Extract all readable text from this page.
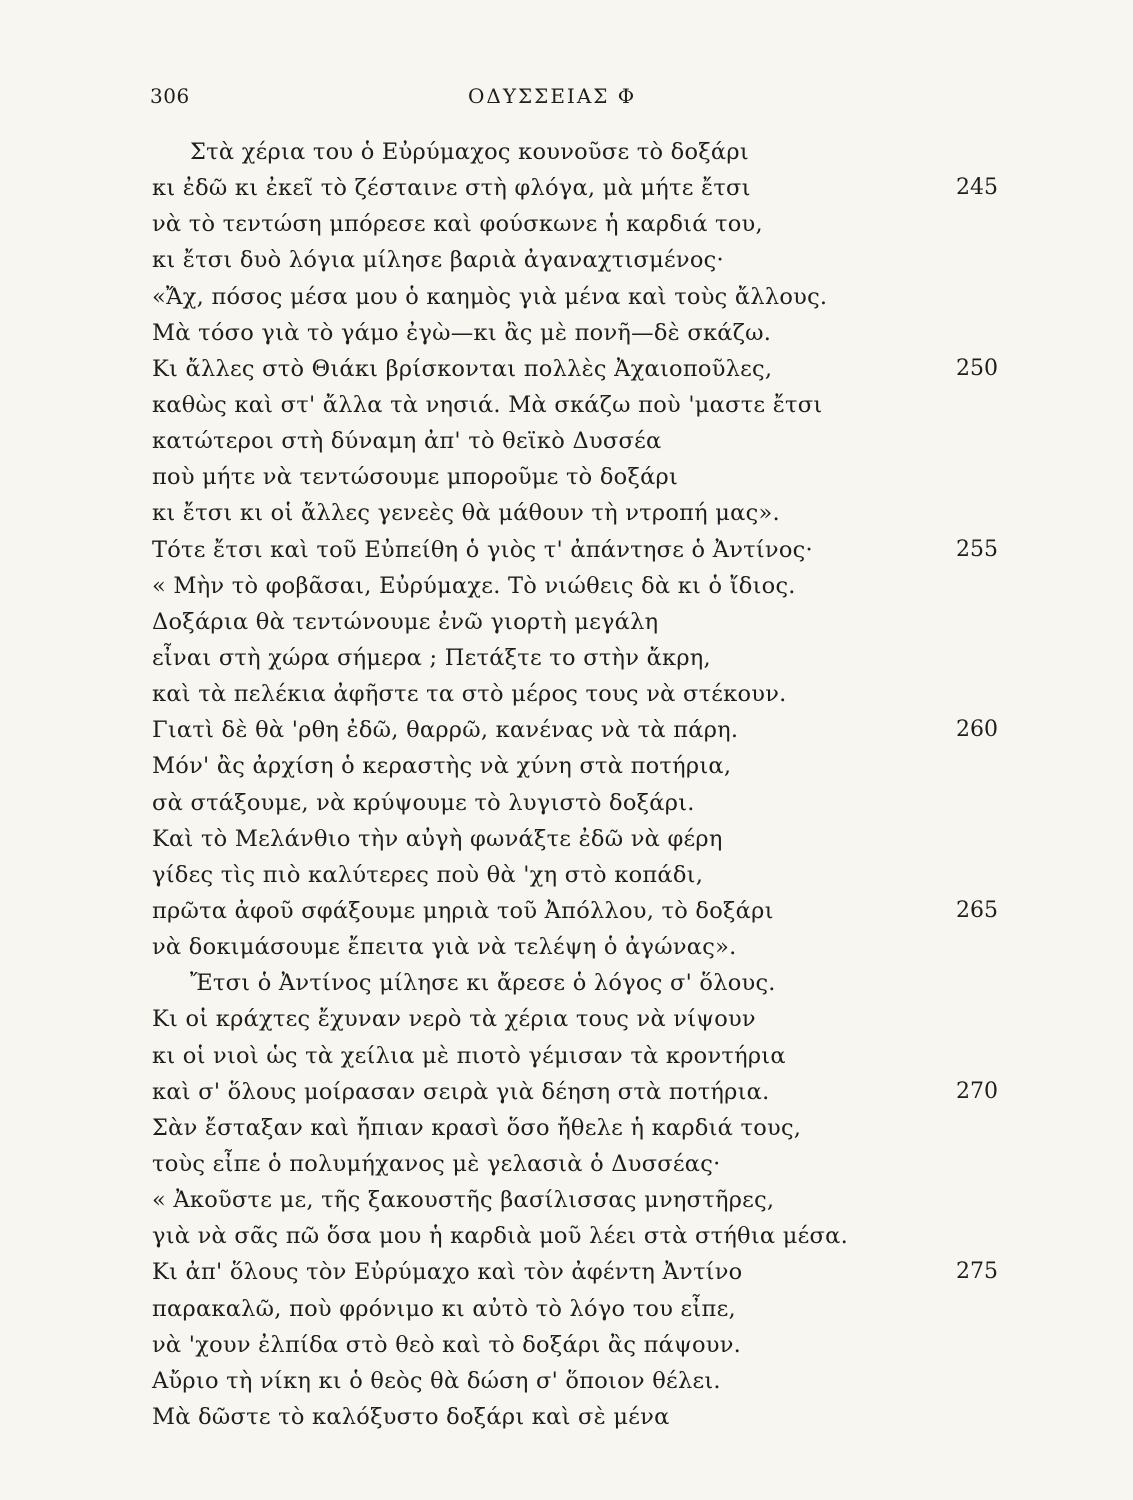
306	ΟΔΥΣΣΕΙΑΣ Φ
Στὰ χέρια του ὁ Εὐρύμαχος κουνοῦσε τὸ δοξάρι
κι ἐδῶ κι ἐκεῖ τὸ ζέσταινε στὴ φλόγα, μὰ μήτε ἔτσι	245
νὰ τὸ τεντώση μπόρεσε καὶ φούσκωνε ἡ καρδιά του,
κι ἔτσι δυὸ λόγια μίλησε βαριὰ ἀγαναχτισμένος·
«Ἄχ, πόσος μέσα μου ὁ καημὸς γιὰ μένα καὶ τοὺς ἄλλους.
Μὰ τόσο γιὰ τὸ γάμο ἐγὼ—κι ἂς μὲ πονῆ—δὲ σκάζω.
Κι ἄλλες στὸ Θιάκι βρίσκονται πολλὲς Ἀχαιοποῦλες,	250
καθὼς καὶ στ' ἄλλα τὰ νησιά. Μὰ σκάζω ποὺ 'μαστε ἔτσι
κατώτεροι στὴ δύναμη ἀπ' τὸ θεϊκὸ Δυσσέα
ποὺ μήτε νὰ τεντώσουμε μποροῦμε τὸ δοξάρι
κι ἔτσι κι οἱ ἄλλες γενεὲς θὰ μάθουν τὴ ντροπή μας».
Τότε ἔτσι καὶ τοῦ Εὐπείθη ὁ γιὸς τ' ἀπάντησε ὁ Ἀντίνος·	255
« Μὴν τὸ φοβᾶσαι, Εὐρύμαχε. Τὸ νιώθεις δὰ κι ὁ ἴδιος.
Δοξάρια θὰ τεντώνουμε ἐνῶ γιορτὴ μεγάλη
εἶναι στὴ χώρα σήμερα ; Πετάξτε το στὴν ἄκρη,
καὶ τὰ πελέκια ἀφῆστε τα στὸ μέρος τους νὰ στέκουν.
Γιατὶ δὲ θὰ 'ρθη ἐδῶ, θαρρῶ, κανένας νὰ τὰ πάρη.	260
Μόν' ἂς ἀρχίση ὁ κεραστὴς νὰ χύνη στὰ ποτήρια,
σὰ στάξουμε, νὰ κρύψουμε τὸ λυγιστὸ δοξάρι.
Καὶ τὸ Μελάνθιο τὴν αὐγὴ φωνάξτε ἐδῶ νὰ φέρη
γίδες τὶς πιὸ καλύτερες ποὺ θὰ 'χη στὸ κοπάδι,
πρῶτα ἀφοῦ σφάξουμε μηριὰ τοῦ Ἀπόλλου, τὸ δοξάρι	265
νὰ δοκιμάσουμε ἔπειτα γιὰ νὰ τελέψη ὁ ἀγώνας».
Ἔτσι ὁ Ἀντίνος μίλησε κι ἄρεσε ὁ λόγος σ' ὅλους.
Κι οἱ κράχτες ἔχυναν νερὸ τὰ χέρια τους νὰ νίψουν
κι οἱ νιοὶ ὡς τὰ χείλια μὲ πιοτὸ γέμισαν τὰ κροντήρια
καὶ σ' ὅλους μοίρασαν σειρὰ γιὰ δέηση στὰ ποτήρια.	270
Σὰν ἔσταξαν καὶ ἤπιαν κρασὶ ὅσο ἤθελε ἡ καρδιά τους,
τοὺς εἶπε ὁ πολυμήχανος μὲ γελασιὰ ὁ Δυσσέας·
« Ἀκοῦστε με, τῆς ξακουστῆς βασίλισσας μνηστῆρες,
γιὰ νὰ σᾶς πῶ ὅσα μου ἡ καρδιὰ μοῦ λέει στὰ στήθια μέσα.
Κι ἀπ' ὅλους τὸν Εὐρύμαχο καὶ τὸν ἀφέντη Ἀντίνο	275
παρακαλῶ, ποὺ φρόνιμο κι αὐτὸ τὸ λόγο του εἶπε,
νὰ 'χουν ἐλπίδα στὸ θεὸ καὶ τὸ δοξάρι ἂς πάψουν.
Αὔριο τὴ νίκη κι ὁ θεὸς θὰ δώση σ' ὅποιον θέλει.
Μὰ δῶστε τὸ καλόξυστο δοξάρι καὶ σὲ μένα
